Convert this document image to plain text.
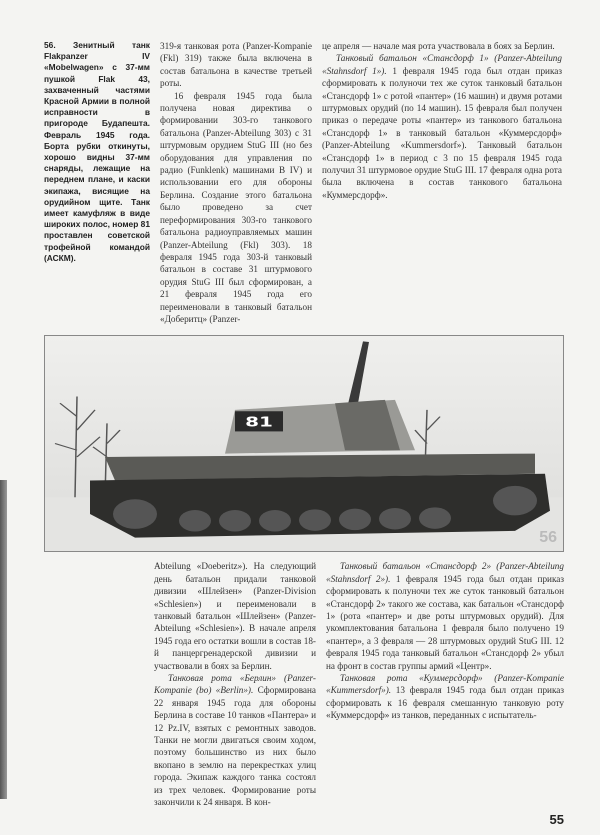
56. Зенитный танк Flakpanzer IV «Mobelwagen» с 37-мм пушкой Flak 43, захваченный частями Красной Армии в полной исправности в пригороде Будапешта. Февраль 1945 года. Борта рубки откинуты, хорошо видны 37-мм снаряды, лежащие на переднем плане, и каски экипажа, висящие на орудийном щите. Танк имеет камуфляж в виде широких полос, номер 81 проставлен советской трофейной командой (АСКМ).

319-я танковая рота (Panzer-Kompanie (Fkl) 319) также была включена в состав батальона в качестве третьей роты.

16 февраля 1945 года была получена новая директива о формировании 303-го танкового батальона (Panzer-Abteilung 303) с 31 штурмовым орудием StuG III (но без оборудования для управления по радио (Funklenk) машинами B IV) и использовании его для обороны Берлина. Создание этого батальона было проведено за счет переформирования 303-го танкового батальона радиоуправляемых машин (Panzer-Abteilung (Fkl) 303). 18 февраля 1945 года 303-й танковый батальон в составе 31 штурмового орудия StuG III был сформирован, а 21 февраля 1945 года его переименовали в танковый батальон «Доберитц» (Panzer-

це апреля — начале мая рота участвовала в боях за Берлин.

Танковый батальон «Стансдорф 1» (Panzer-Abteilung «Stahnsdorf 1»). 1 февраля 1945 года был отдан приказ сформировать к полуночи тех же суток танковый батальон «Стансдорф 1» с ротой «пантер» (16 машин) и двумя ротами штурмовых орудий (по 14 машин). 15 февраля был получен приказ о передаче роты «пантер» из танкового батальона «Стансдорф 1» в танковый батальон «Куммерсдорф» (Panzer-Abteilung «Kummersdorf»). Танковый батальон «Стансдорф 1» в период с 3 по 15 февраля 1945 года получил 31 штурмовое орудие StuG III. 17 февраля одна рота была включена в состав танкового батальона «Куммерсдорф».

81
56

Abteilung «Doeberitz»). На следующий день батальон придали танковой дивизии «Шлейзен» (Panzer-Division «Schlesien») и переименовали в танковый батальон «Шлейзен» (Panzer-Abteilung «Schlesien»). В начале апреля 1945 года его остатки вошли в состав 18-й панцергренадерской дивизии и участвовали в боях за Берлин.

Танковая рота «Берлин» (Panzer-Kompanie (bo) «Berlin»). Сформирована 22 января 1945 года для обороны Берлина в составе 10 танков «Пантера» и 12 Pz.IV, взятых с ремонтных заводов. Танки не могли двигаться своим ходом, поэтому большинство из них было вкопано в землю на перекрестках улиц города. Экипаж каждого танка состоял из трех человек. Формирование роты закончили к 24 января. В кон-

Танковый батальон «Стансдорф 2» (Panzer-Abteilung «Stahnsdorf 2»). 1 февраля 1945 года был отдан приказ сформировать к полуночи тех же суток танковый батальон «Стансдорф 2» такого же состава, как батальон «Стансдорф 1» (рота «пантер» и две роты штурмовых орудий). Для укомплектования батальона 1 февраля было получено 19 «пантер», а 3 февраля — 28 штурмовых орудий StuG III. 12 февраля 1945 года танковый батальон «Стансдорф 2» убыл на фронт в состав группы армий «Центр».

Танковая рота «Куммерсдорф» (Panzer-Kompanie «Kummersdorf»). 13 февраля 1945 года был отдан приказ сформировать к 16 февраля смешанную танковую роту «Куммерсдорф» из танков, переданных с испытатель-

55
